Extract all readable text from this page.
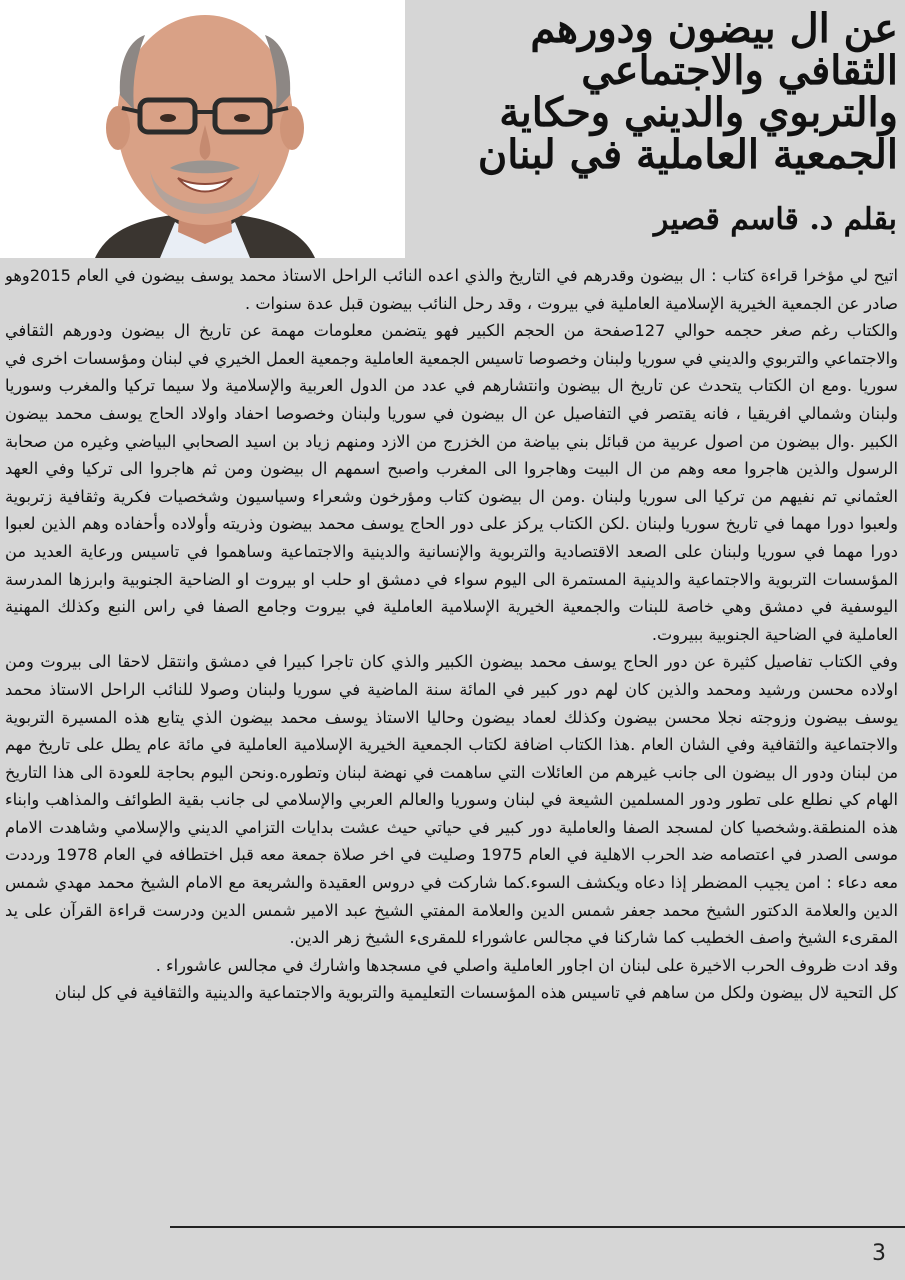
عن ال بيضون ودورهم
الثقافي والاجتماعي
والتربوي والديني وحكاية
الجمعية العاملية في لبنان

بقلم د. قاسم قصير

اتيح لي مؤخرا قراءة كتاب : ال بيضون وقدرهم في التاريخ والذي اعده النائب الراحل الاستاذ محمد يوسف بيضون في العام 2015وهو صادر عن الجمعية الخيرية الإسلامية العاملية في بيروت ، وقد رحل النائب بيضون قبل عدة سنوات .

والكتاب رغم صغر حجمه حوالي 127صفحة من الحجم الكبير فهو يتضمن معلومات مهمة عن تاريخ ال بيضون ودورهم الثقافي والاجتماعي والتربوي والديني في سوريا ولبنان وخصوصا تاسيس الجمعية العاملية وجمعية العمل الخيري في لبنان ومؤسسات اخرى في سوريا .ومع ان الكتاب يتحدث عن تاريخ ال بيضون وانتشارهم في عدد من الدول العربية والإسلامية ولا سيما تركيا والمغرب وسوريا ولبنان وشمالي افريقيا ، فانه يقتصر في التفاصيل عن ال بيضون في سوريا ولبنان وخصوصا احفاد واولاد الحاج يوسف محمد بيضون الكبير .وال بيضون من اصول عربية من قبائل بني بياضة من الخزرج من الازد ومنهم زياد بن اسيد الصحابي البياضي وغيره من صحابة الرسول والذين هاجروا معه وهم من ال البيت وهاجروا الى المغرب واصبح اسمهم ال بيضون ومن ثم هاجروا الى تركيا وفي العهد العثماني تم نفيهم من تركيا الى سوريا ولبنان .ومن ال بيضون كتاب ومؤرخون وشعراء وسياسيون وشخصيات فكرية وثقافية زتربوية ولعبوا دورا مهما في تاريخ سوريا ولبنان .لكن الكتاب يركز على دور الحاج يوسف محمد بيضون وذريته وأولاده وأحفاده وهم الذين لعبوا دورا مهما في سوريا ولبنان على الصعد الاقتصادية والتربوية والإنسانية والدينية والاجتماعية وساهموا في تاسيس ورعاية العديد من المؤسسات التربوية والاجتماعية والدينية المستمرة الى اليوم سواء في دمشق او حلب او بيروت او الضاحية الجنوبية وابرزها المدرسة اليوسفية في دمشق وهي خاصة للبنات والجمعية الخيرية الإسلامية العاملية في بيروت وجامع الصفا في راس النبع وكذلك المهنية العاملية في الضاحية الجنوبية ببيروت.

وفي الكتاب تفاصيل كثيرة عن دور الحاج يوسف محمد بيضون الكبير والذي كان تاجرا كبيرا في دمشق وانتقل لاحقا الى بيروت ومن اولاده محسن ورشيد ومحمد والذين كان لهم دور كبير في المائة سنة الماضية في سوريا ولبنان وصولا للنائب الراحل الاستاذ محمد يوسف بيضون وزوجته نجلا محسن بيضون وكذلك لعماد بيضون وحاليا الاستاذ يوسف محمد بيضون الذي يتابع هذه المسيرة التربوية والاجتماعية والثقافية وفي الشان العام .هذا الكتاب اضافة لكتاب الجمعية الخيرية الإسلامية العاملية في مائة عام يطل على تاريخ مهم من لبنان ودور ال بيضون الى جانب غيرهم من العائلات التي ساهمت في نهضة لبنان وتطوره.ونحن اليوم بحاجة للعودة الى هذا التاريخ الهام كي نطلع على تطور ودور المسلمين الشيعة في لبنان وسوريا والعالم العربي والإسلامي لى جانب بقية الطوائف والمذاهب وابناء هذه المنطقة.وشخصيا كان لمسجد الصفا والعاملية دور كبير في حياتي حيث عشت بدايات التزامي الديني والإسلامي وشاهدت الامام موسى الصدر في اعتصامه ضد الحرب الاهلية في العام 1975 وصليت في اخر صلاة جمعة معه قبل اختطافه في العام 1978 ورددت معه دعاء : امن يجيب المضطر إذا دعاه ويكشف السوء.كما شاركت في دروس العقيدة والشريعة مع الامام الشيخ محمد مهدي شمس الدين والعلامة الدكتور الشيخ محمد جعفر شمس الدين والعلامة المفتي الشيخ عبد الامير شمس الدين ودرست قراءة القرآن على يد المقرىء الشيخ واصف الخطيب كما شاركنا في مجالس عاشوراء للمقرىء الشيخ زهر الدين.

وقد ادت ظروف الحرب الاخيرة على لبنان ان اجاور العاملية واصلي في مسجدها واشارك في مجالس عاشوراء .

كل التحية لال بيضون ولكل من ساهم في تاسيس هذه المؤسسات التعليمية والتربوية والاجتماعية والدينية والثقافية في كل لبنان

3
